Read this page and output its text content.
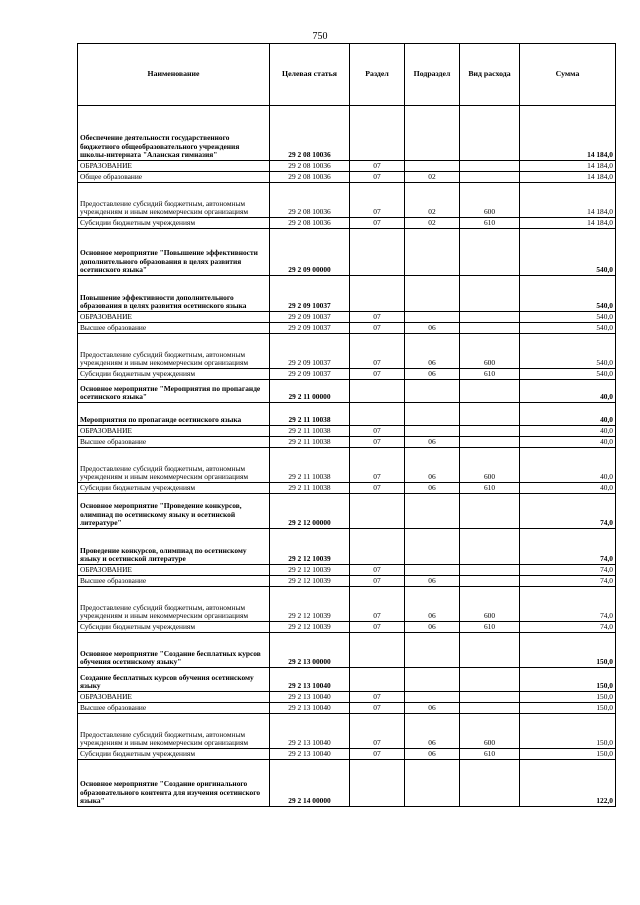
750
Наименование	Целевая статья	Раздел	Подраздел	Вид расхода	Сумма
Обеспечение деятельности государственного бюджетного общеобразовательного учреждения школы-интерната "Аланская гимназия"	29 2 08 10036				14 184,0
ОБРАЗОВАНИЕ	29 2 08 10036	07			14 184,0
Общее образование	29 2 08 10036	07	02		14 184,0
Предоставление субсидий бюджетным, автономным учреждениям и иным некоммерческим организациям	29 2 08 10036	07	02	600	14 184,0
Субсидии бюджетным учреждениям	29 2 08 10036	07	02	610	14 184,0
Основное мероприятие "Повышение эффективности дополнительного образования в целях развития осетинского языка"	29 2 09 00000				540,0
Повышение эффективности дополнительного образования в целях развития осетинского языка	29 2 09 10037				540,0
ОБРАЗОВАНИЕ	29 2 09 10037	07			540,0
Высшее образование	29 2 09 10037	07	06		540,0
Предоставление субсидий бюджетным, автономным учреждениям и иным некоммерческим организациям	29 2 09 10037	07	06	600	540,0
Субсидии бюджетным учреждениям	29 2 09 10037	07	06	610	540,0
Основное мероприятие "Мероприятия по пропаганде осетинского языка"	29 2 11 00000				40,0
Мероприятия по пропаганде осетинского языка	29 2 11 10038				40,0
ОБРАЗОВАНИЕ	29 2 11 10038	07			40,0
Высшее образование	29 2 11 10038	07	06		40,0
Предоставление субсидий бюджетным, автономным учреждениям и иным некоммерческим организациям	29 2 11 10038	07	06	600	40,0
Субсидии бюджетным учреждениям	29 2 11 10038	07	06	610	40,0
Основное мероприятие "Проведение конкурсов, олимпиад по осетинскому языку и осетинской литературе"	29 2 12 00000				74,0
Проведение конкурсов, олимпиад по осетинскому языку и осетинской литературе	29 2 12 10039				74,0
ОБРАЗОВАНИЕ	29 2 12 10039	07			74,0
Высшее образование	29 2 12 10039	07	06		74,0
Предоставление субсидий бюджетным, автономным учреждениям и иным некоммерческим организациям	29 2 12 10039	07	06	600	74,0
Субсидии бюджетным учреждениям	29 2 12 10039	07	06	610	74,0
Основное мероприятие "Создание бесплатных курсов обучения осетинскому языку"	29 2 13 00000				150,0
Создание бесплатных курсов обучения осетинскому языку	29 2 13 10040				150,0
ОБРАЗОВАНИЕ	29 2 13 10040	07			150,0
Высшее образование	29 2 13 10040	07	06		150,0
Предоставление субсидий бюджетным, автономным учреждениям и иным некоммерческим организациям	29 2 13 10040	07	06	600	150,0
Субсидии бюджетным учреждениям	29 2 13 10040	07	06	610	150,0
Основное мероприятие "Создание оригинального образовательного контента для изучения осетинского языка"	29 2 14 00000				122,0
